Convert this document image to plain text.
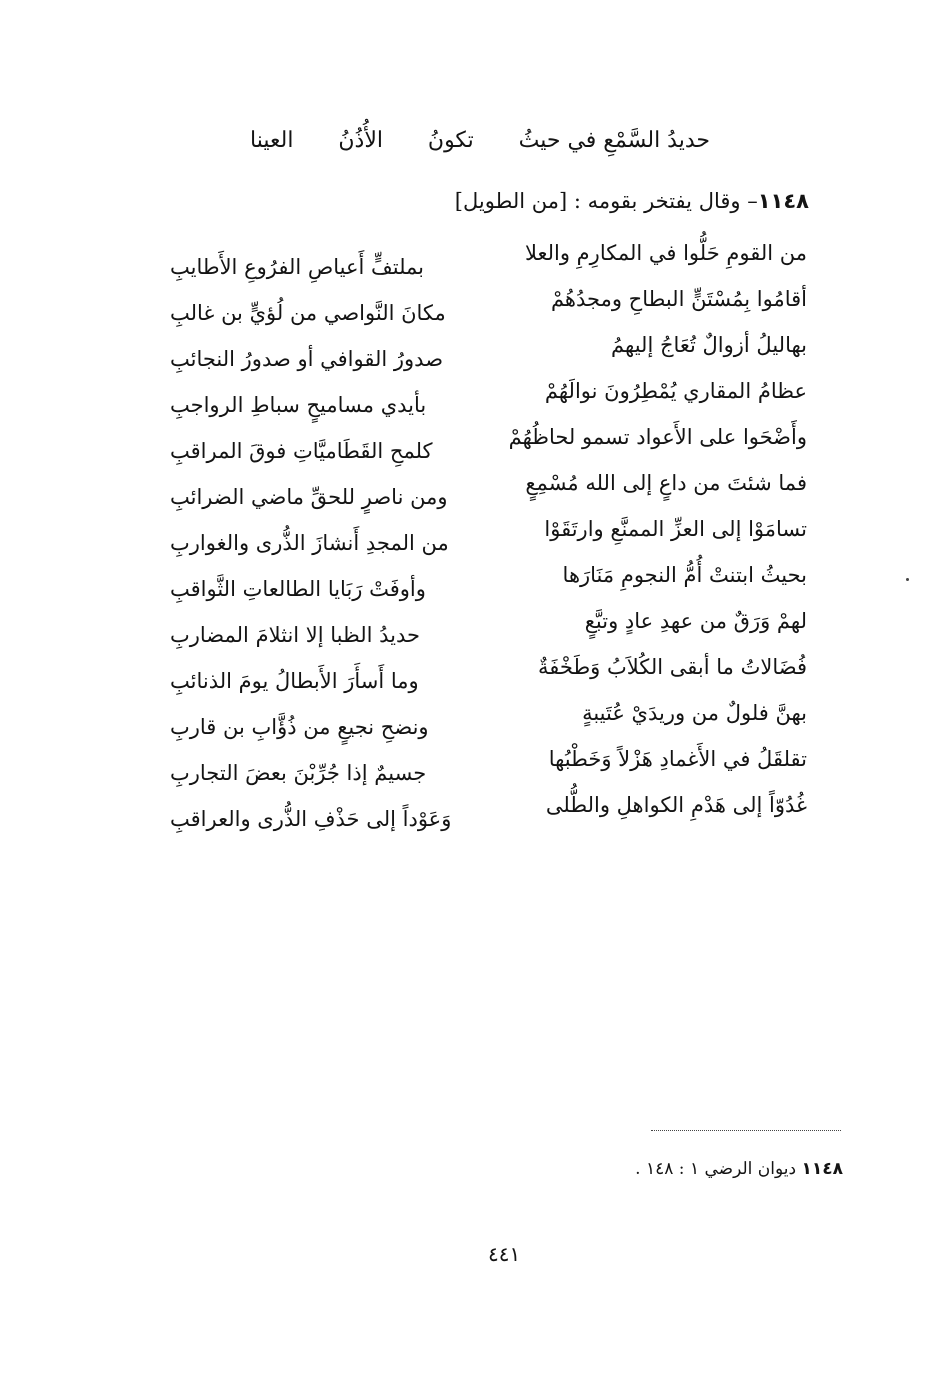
حديدُ السَّمْعِ في حيثُ
تكونُ
الأُذُنُ
العينا
١١٤٨– وقال يفتخر بقومه : [من الطويل]
من القومِ حَلُّوا في المكارِمِ والعلا
بملتفٍّ أَعياصِ الفرُوعِ الأَطايبِ
أقامُوا بِمُسْتَنٍّ البطاحِ ومجدُهُمْ
مكانَ النَّواصي من لُؤيٍّ بن غالبِ
بهاليلُ أزوالٌ تُعَاجُ إليهمُ
صدورُ القوافي أو صدورُ النجائبِ
عظامُ المقاري يُمْطِرُونَ نوالَهُمْ
بأيدي مساميحٍ سباطِ الرواجبِ
وأَضْحَوا على الأَعواد تسمو لحاظُهُمْ
كلمحِ القَطَاميَّاتِ فوقَ المراقبِ
فما شئتَ من داعٍ إلى الله مُسْمِعٍ
ومن ناصرٍ للحقِّ ماضي الضرائبِ
تسامَوْا إلى العزِّ الممنَّعِ وارتَقَوْا
من المجدِ أَنشازَ الذُّرى والغواربِ
بحيثُ ابتنتْ أُمُّ النجومِ مَنَارَها
وأوفَتْ رَبَايا الطالعاتِ الثَّواقبِ
لهمْ وَرَقٌ من عهدِ عادٍ وتبَّعٍ
حديدُ الظبا إلا انثلامَ المضاربِ
فُضَالاتُ ما أبقى الكُلاَبُ وَطَخْفَةٌ
وما أَسأَرَ الأَبطالُ يومَ الذنائبِ
بهنَّ فلولٌ من وريدَيْ عُتَيبةٍ
ونضحِ نجيعٍ من ذُؤَّابِ بن قاربِ
تقلقَلُ في الأَغمادِ هَزْلاً وَخَطْبُها
جسيمٌ إذا جُرِّبْنَ بعضَ التجاربِ
غُدُوّاً إلى هَدْمِ الكواهلِ والطُّلى
وَعَوْداً إلى حَذْفِ الذُّرى والعراقبِ
١١٤٨ ديوان الرضي ١ : ١٤٨ .
٤٤١
